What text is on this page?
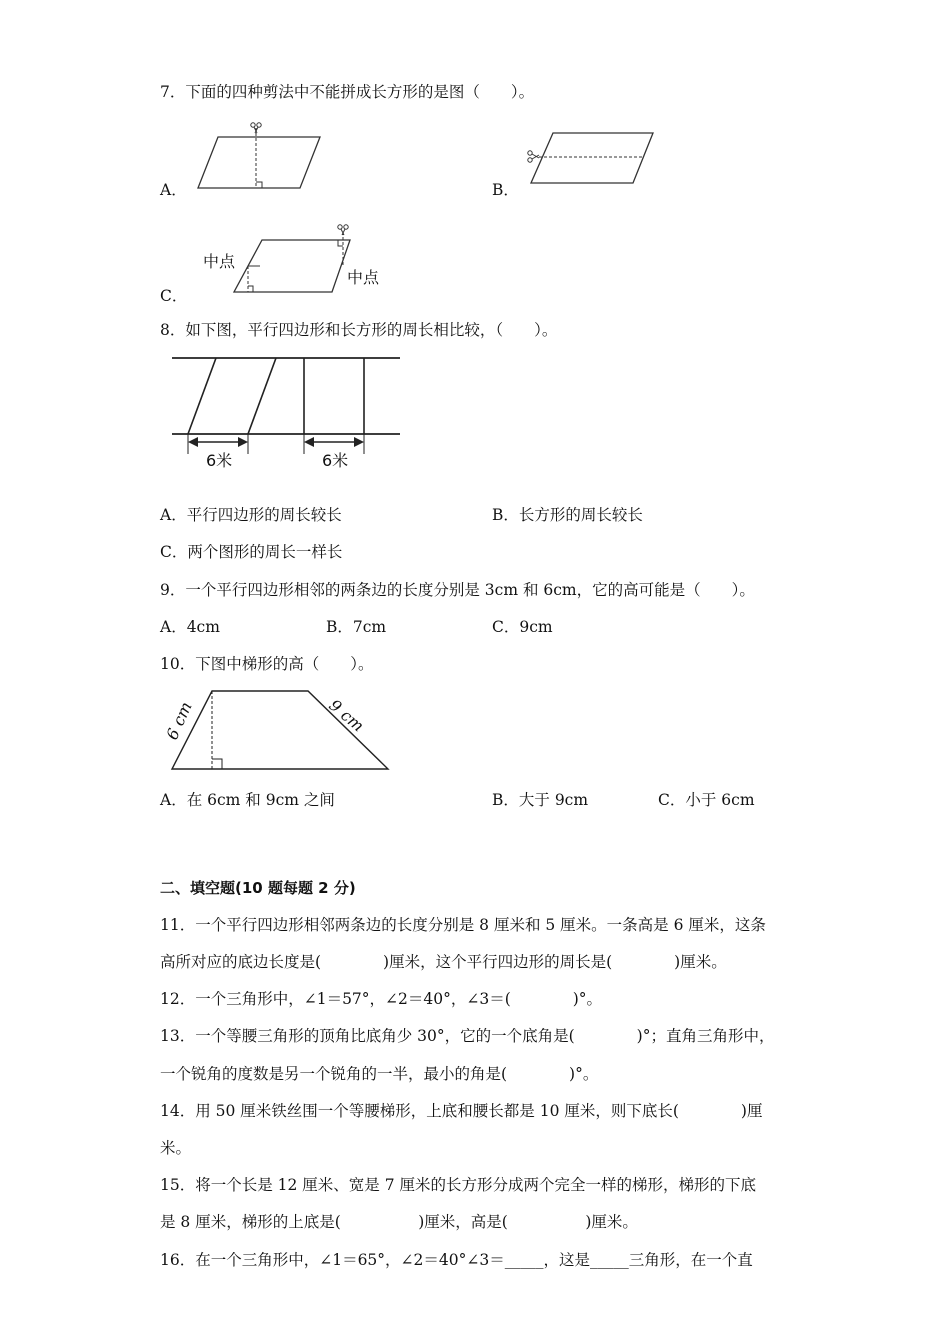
7．下面的四种剪法中不能拼成长方形的是图（　　）。
A．	B．
C．
中点
中点
8．如下图，平行四边形和长方形的周长相比较，（　　）。
6米	6米
A．平行四边形的周长较长	B．长方形的周长较长
C．两个图形的周长一样长
9．一个平行四边形相邻的两条边的长度分别是 3cm 和 6cm，它的高可能是（　　）。
A．4cm	B．7cm	C．9cm
10．下图中梯形的高（　　）。
6 cm	9 cm
A．在 6cm 和 9cm 之间	B．大于 9cm	C．小于 6cm
二、填空题(10 题每题 2 分)
11．一个平行四边形相邻两条边的长度分别是 8 厘米和 5 厘米。一条高是 6 厘米，这条
高所对应的底边长度是(　　　　)厘米，这个平行四边形的周长是(　　　　)厘米。
12．一个三角形中，∠1＝57°，∠2＝40°，∠3＝(　　　　)°。
13．一个等腰三角形的顶角比底角少 30°，它的一个底角是(　　　　)°；直角三角形中，
一个锐角的度数是另一个锐角的一半，最小的角是(　　　　)°。
14．用 50 厘米铁丝围一个等腰梯形，上底和腰长都是 10 厘米，则下底长(　　　　)厘
米。
15．将一个长是 12 厘米、宽是 7 厘米的长方形分成两个完全一样的梯形，梯形的下底
是 8 厘米，梯形的上底是(　　　　　)厘米，高是(　　　　　)厘米。
16．在一个三角形中，∠1＝65°，∠2＝40°∠3＝_____，这是_____三角形，在一个直
